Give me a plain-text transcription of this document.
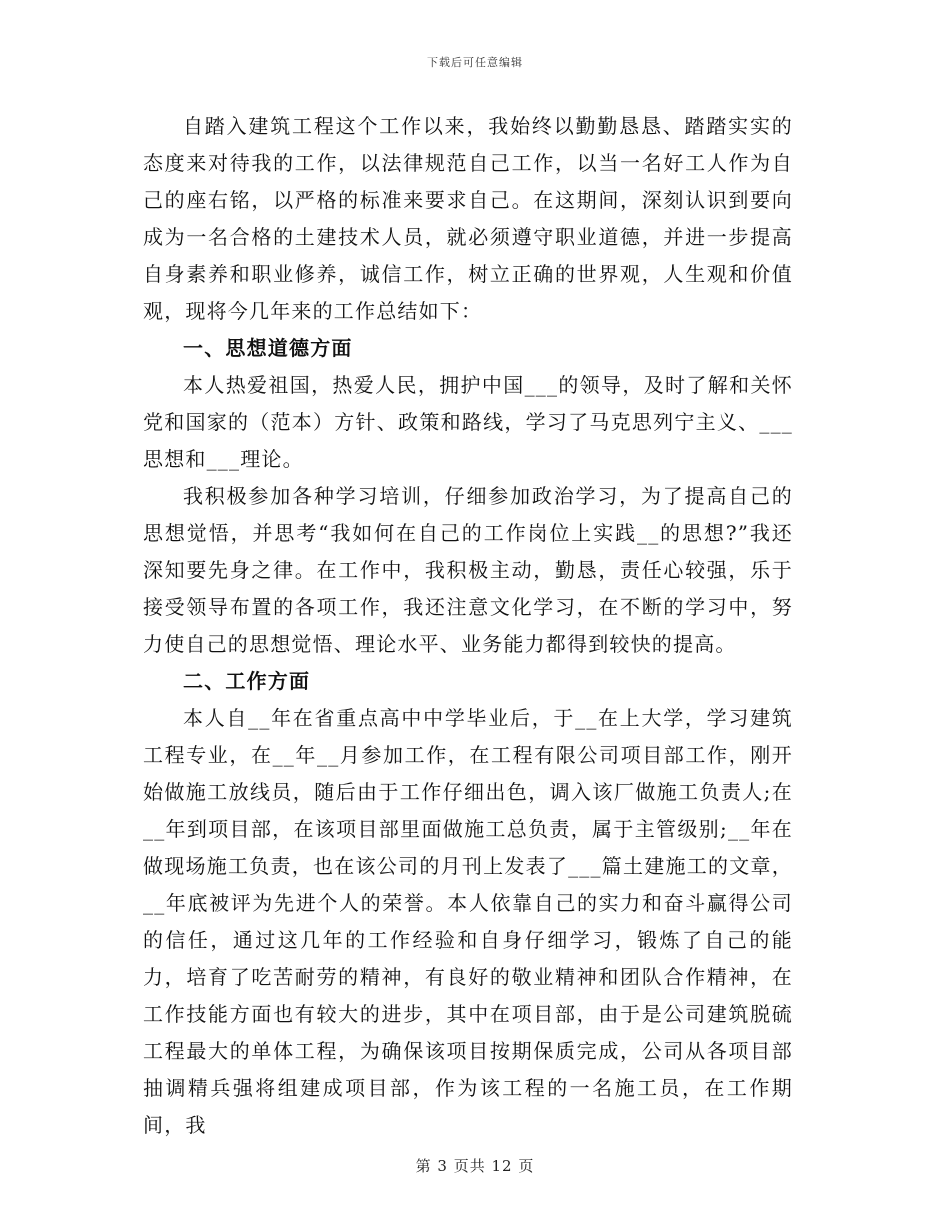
下载后可任意编辑

自踏入建筑工程这个工作以来，我始终以勤勤恳恳、踏踏实实的态度来对待我的工作，以法律规范自己工作，以当一名好工人作为自己的座右铭，以严格的标准来要求自己。在这期间，深刻认识到要向成为一名合格的土建技术人员，就必须遵守职业道德，并进一步提高自身素养和职业修养，诚信工作，树立正确的世界观，人生观和价值观，现将今几年来的工作总结如下：

一、思想道德方面

本人热爱祖国，热爱人民，拥护中国___的领导，及时了解和关怀党和国家的（范本）方针、政策和路线，学习了马克思列宁主义、___思想和___理论。

我积极参加各种学习培训，仔细参加政治学习，为了提高自己的思想觉悟，并思考“我如何在自己的工作岗位上实践__的思想?”我还深知要先身之律。在工作中，我积极主动，勤恳，责任心较强，乐于接受领导布置的各项工作，我还注意文化学习，在不断的学习中，努力使自己的思想觉悟、理论水平、业务能力都得到较快的提高。

二、工作方面

本人自__年在省重点高中中学毕业后，于__在上大学，学习建筑工程专业，在__年__月参加工作，在工程有限公司项目部工作，刚开始做施工放线员，随后由于工作仔细出色，调入该厂做施工负责人;在__年到项目部，在该项目部里面做施工总负责，属于主管级别;__年在做现场施工负责，也在该公司的月刊上发表了___篇土建施工的文章，__年底被评为先进个人的荣誉。本人依靠自己的实力和奋斗赢得公司的信任，通过这几年的工作经验和自身仔细学习，锻炼了自己的能力，培育了吃苦耐劳的精神，有良好的敬业精神和团队合作精神，在工作技能方面也有较大的进步，其中在项目部，由于是公司建筑脱硫工程最大的单体工程，为确保该项目按期保质完成，公司从各项目部抽调精兵强将组建成项目部，作为该工程的一名施工员，在工作期间，我

第 3 页共 12 页
